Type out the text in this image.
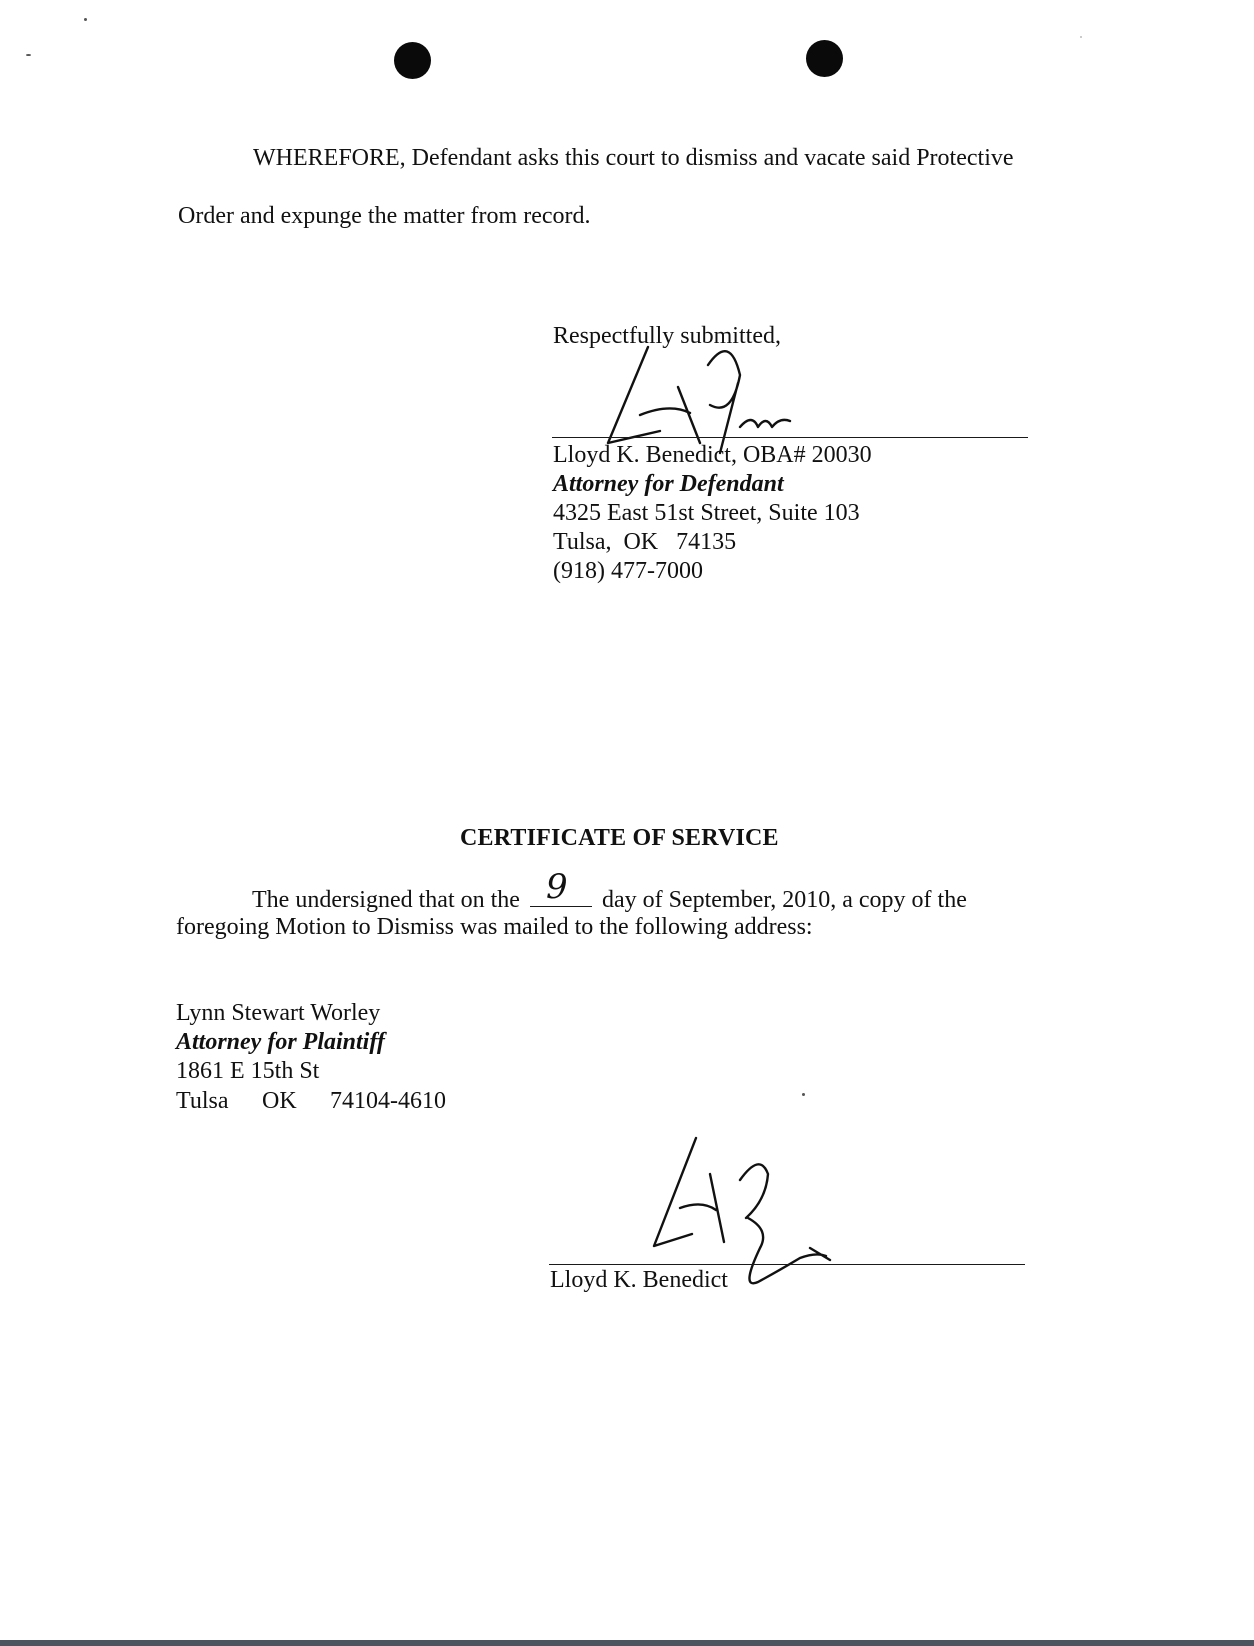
WHEREFORE, Defendant asks this court to dismiss and vacate said Protective
Order and expunge the matter from record.
Respectfully submitted,
Lloyd K. Benedict, OBA# 20030
Attorney for Defendant
4325 East 51st Street, Suite 103
Tulsa,  OK   74135
(918) 477-7000
CERTIFICATE OF SERVICE
The undersigned that on the 9 day of September, 2010, a copy of the
foregoing Motion to Dismiss was mailed to the following address:
Lynn Stewart Worley
Attorney for Plaintiff
1861 E 15th St
Tulsa OK 74104-4610
Lloyd K. Benedict
